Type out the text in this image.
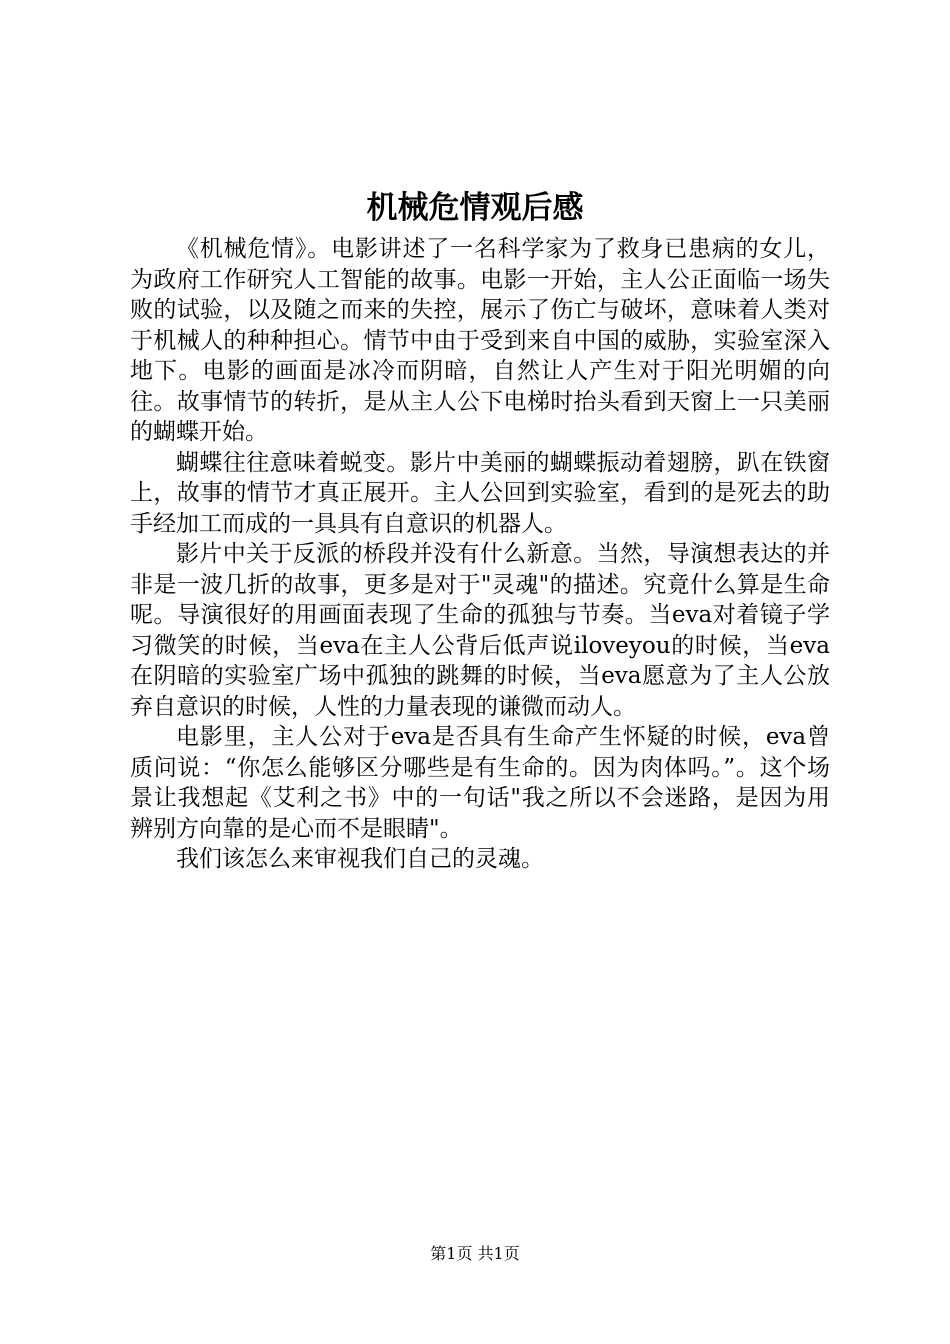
机械危情观后感

《机械危情》。电影讲述了一名科学家为了救身已患病的女儿，为政府工作研究人工智能的故事。电影一开始，主人公正面临一场失败的试验，以及随之而来的失控，展示了伤亡与破坏，意味着人类对于机械人的种种担心。情节中由于受到来自中国的威胁，实验室深入地下。电影的画面是冰冷而阴暗，自然让人产生对于阳光明媚的向往。故事情节的转折，是从主人公下电梯时抬头看到天窗上一只美丽的蝴蝶开始。

蝴蝶往往意味着蜕变。影片中美丽的蝴蝶振动着翅膀，趴在铁窗上，故事的情节才真正展开。主人公回到实验室，看到的是死去的助手经加工而成的一具具有自意识的机器人。

影片中关于反派的桥段并没有什么新意。当然，导演想表达的并非是一波几折的故事，更多是对于"灵魂"的描述。究竟什么算是生命呢。导演很好的用画面表现了生命的孤独与节奏。当eva对着镜子学习微笑的时候，当eva在主人公背后低声说iloveyou的时候，当eva在阴暗的实验室广场中孤独的跳舞的时候，当eva愿意为了主人公放弃自意识的时候，人性的力量表现的谦微而动人。

电影里，主人公对于eva是否具有生命产生怀疑的时候，eva曾质问说：“你怎么能够区分哪些是有生命的。因为肉体吗。”。这个场景让我想起《艾利之书》中的一句话"我之所以不会迷路，是因为用辨别方向靠的是心而不是眼睛"。

我们该怎么来审视我们自己的灵魂。

第1页 共1页
